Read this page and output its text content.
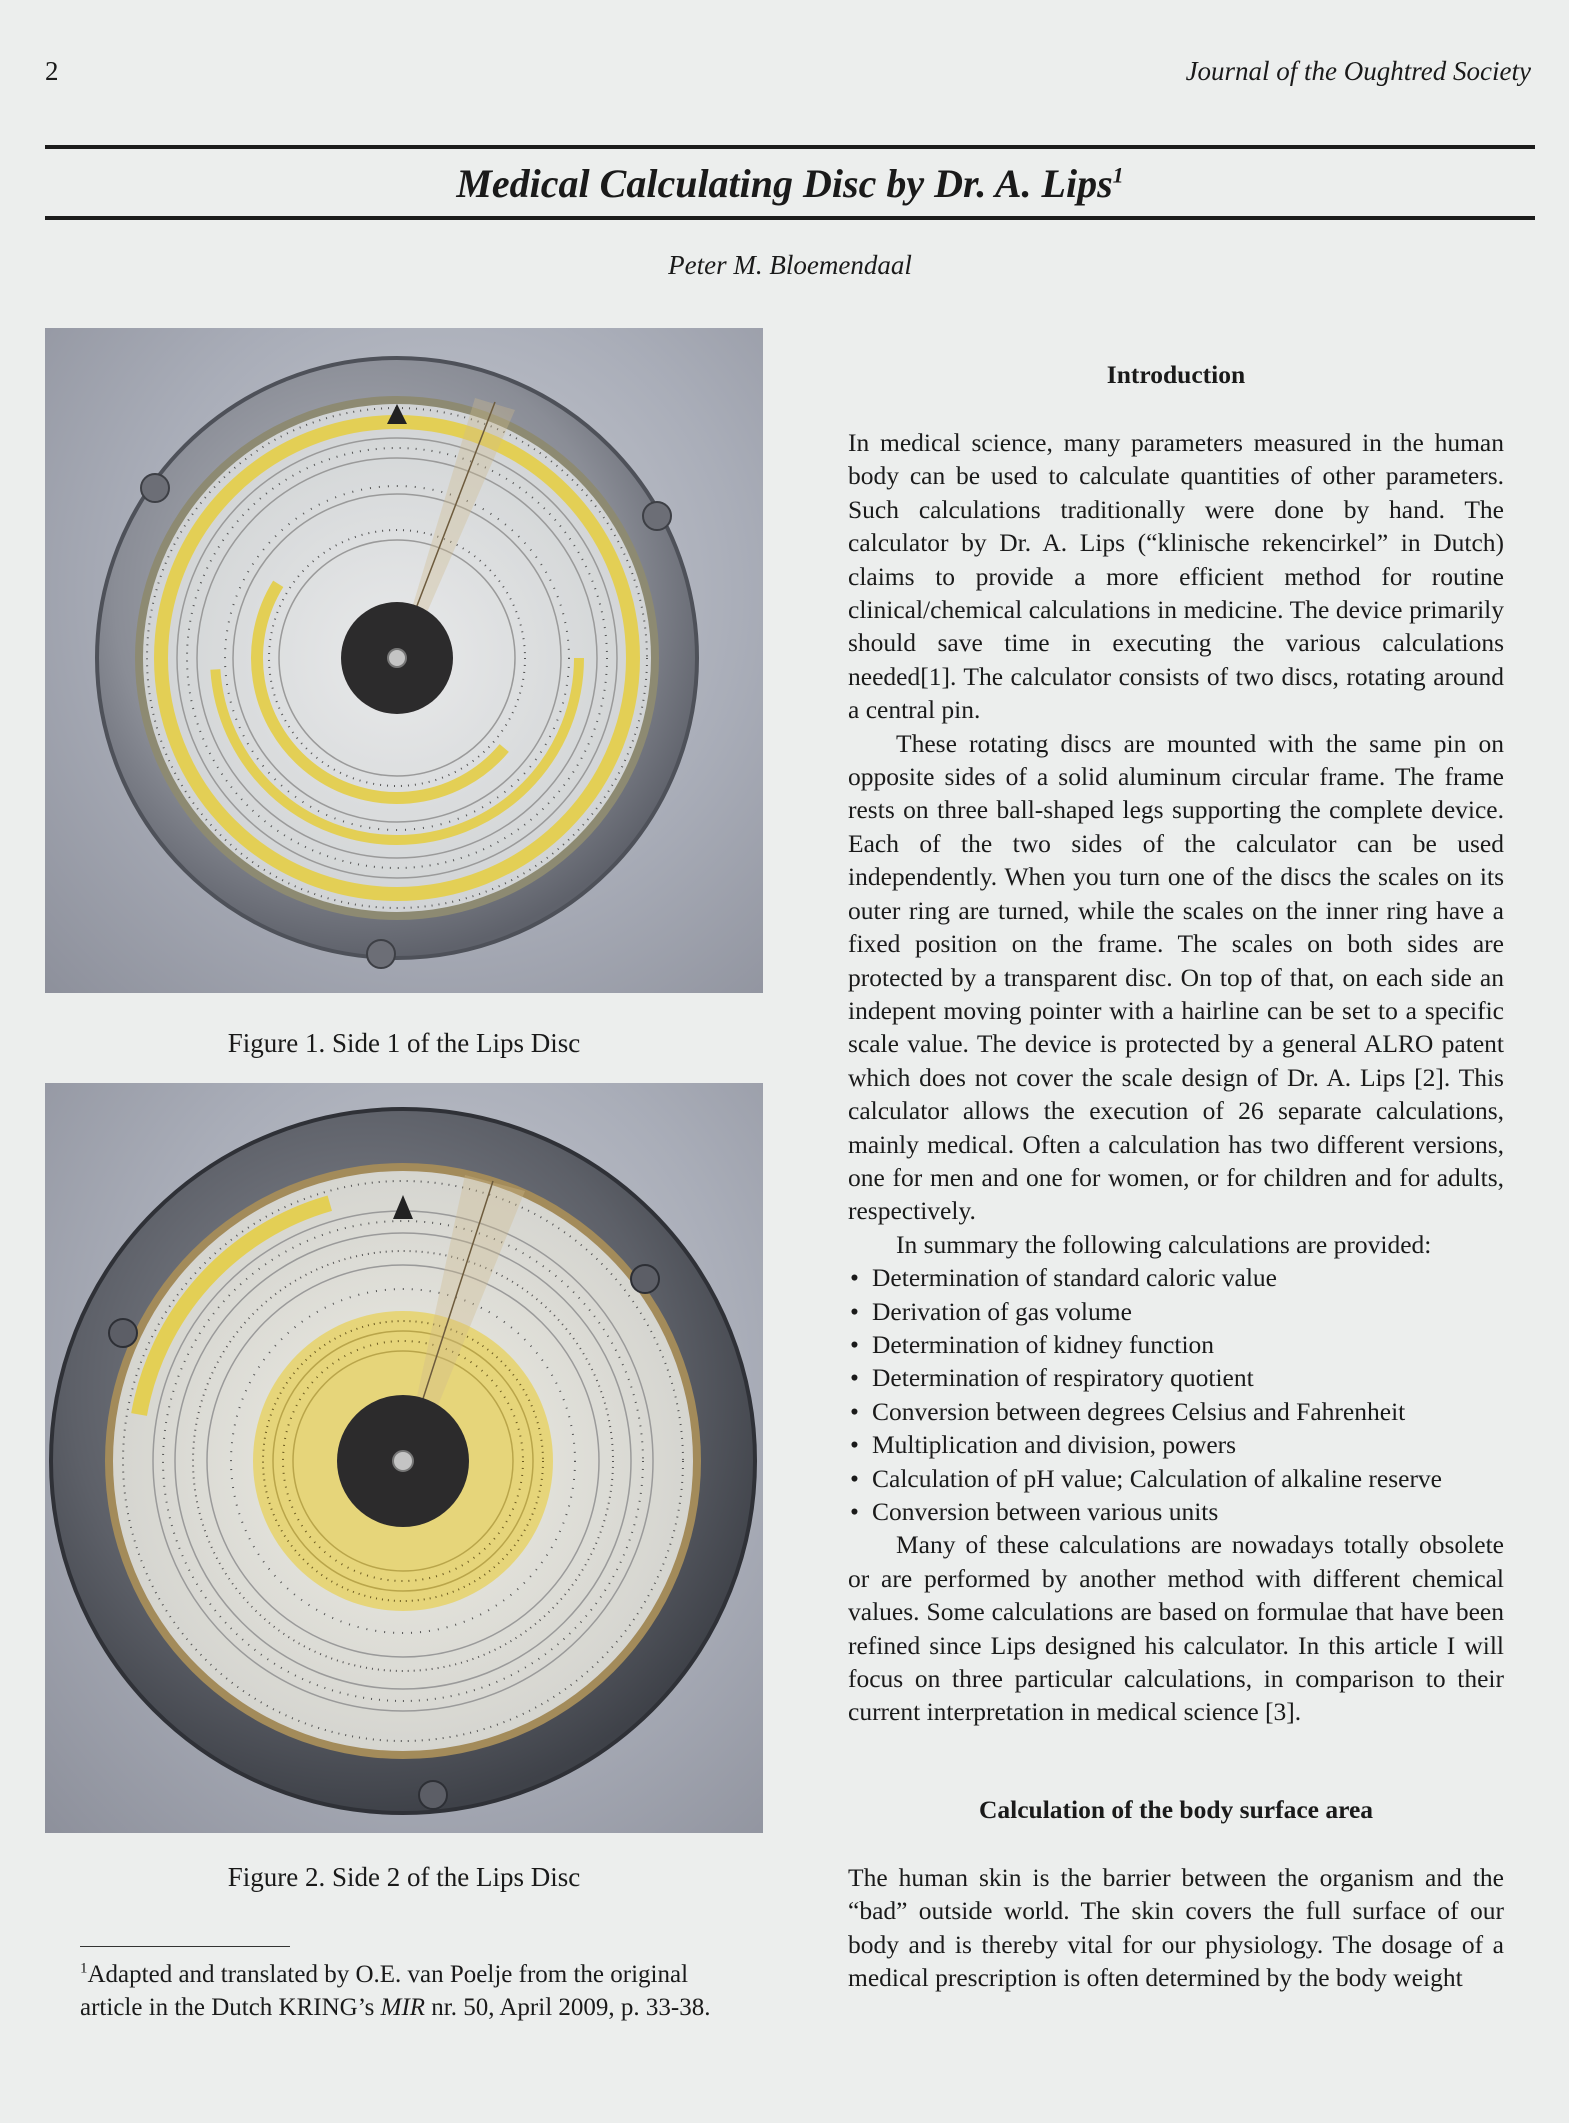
2	Journal of the Oughtred Society
Medical Calculating Disc by Dr. A. Lips$^1$
Peter M. Bloemendaal
Figure 1. Side 1 of the Lips Disc
Figure 2. Side 2 of the Lips Disc
$^1$Adapted and translated by O.E. van Poelje from the original article in the Dutch KRING’s MIR nr. 50, April 2009, p. 33-38.
Introduction

In medical science, many parameters measured in the human body can be used to calculate quantities of other parameters. Such calculations traditionally were done by hand. The calculator by Dr. A. Lips (“klinische rekencirkel” in Dutch) claims to provide a more efficient method for routine clinical/chemical calculations in medicine. The device primarily should save time in executing the various calculations needed[1]. The calculator consists of two discs, rotating around a central pin.

These rotating discs are mounted with the same pin on opposite sides of a solid aluminum circular frame. The frame rests on three ball-shaped legs supporting the complete device. Each of the two sides of the calculator can be used independently. When you turn one of the discs the scales on its outer ring are turned, while the scales on the inner ring have a fixed position on the frame. The scales on both sides are protected by a transparent disc. On top of that, on each side an indepent moving pointer with a hairline can be set to a specific scale value. The device is protected by a general ALRO patent which does not cover the scale design of Dr. A. Lips [2]. This calculator allows the execution of 26 separate calculations, mainly medical. Often a calculation has two different versions, one for men and one for women, or for children and for adults, respectively.

In summary the following calculations are provided:

• Determination of standard caloric value
• Derivation of gas volume
• Determination of kidney function
• Determination of respiratory quotient
• Conversion between degrees Celsius and Fahrenheit
• Multiplication and division, powers
• Calculation of pH value; Calculation of alkaline reserve
• Conversion between various units

Many of these calculations are nowadays totally obsolete or are performed by another method with different chemical values. Some calculations are based on formulae that have been refined since Lips designed his calculator. In this article I will focus on three particular calculations, in comparison to their current interpretation in medical science [3].

Calculation of the body surface area

The human skin is the barrier between the organism and the “bad” outside world. The skin covers the full surface of our body and is thereby vital for our physiology. The dosage of a medical prescription is often determined by the body weight
